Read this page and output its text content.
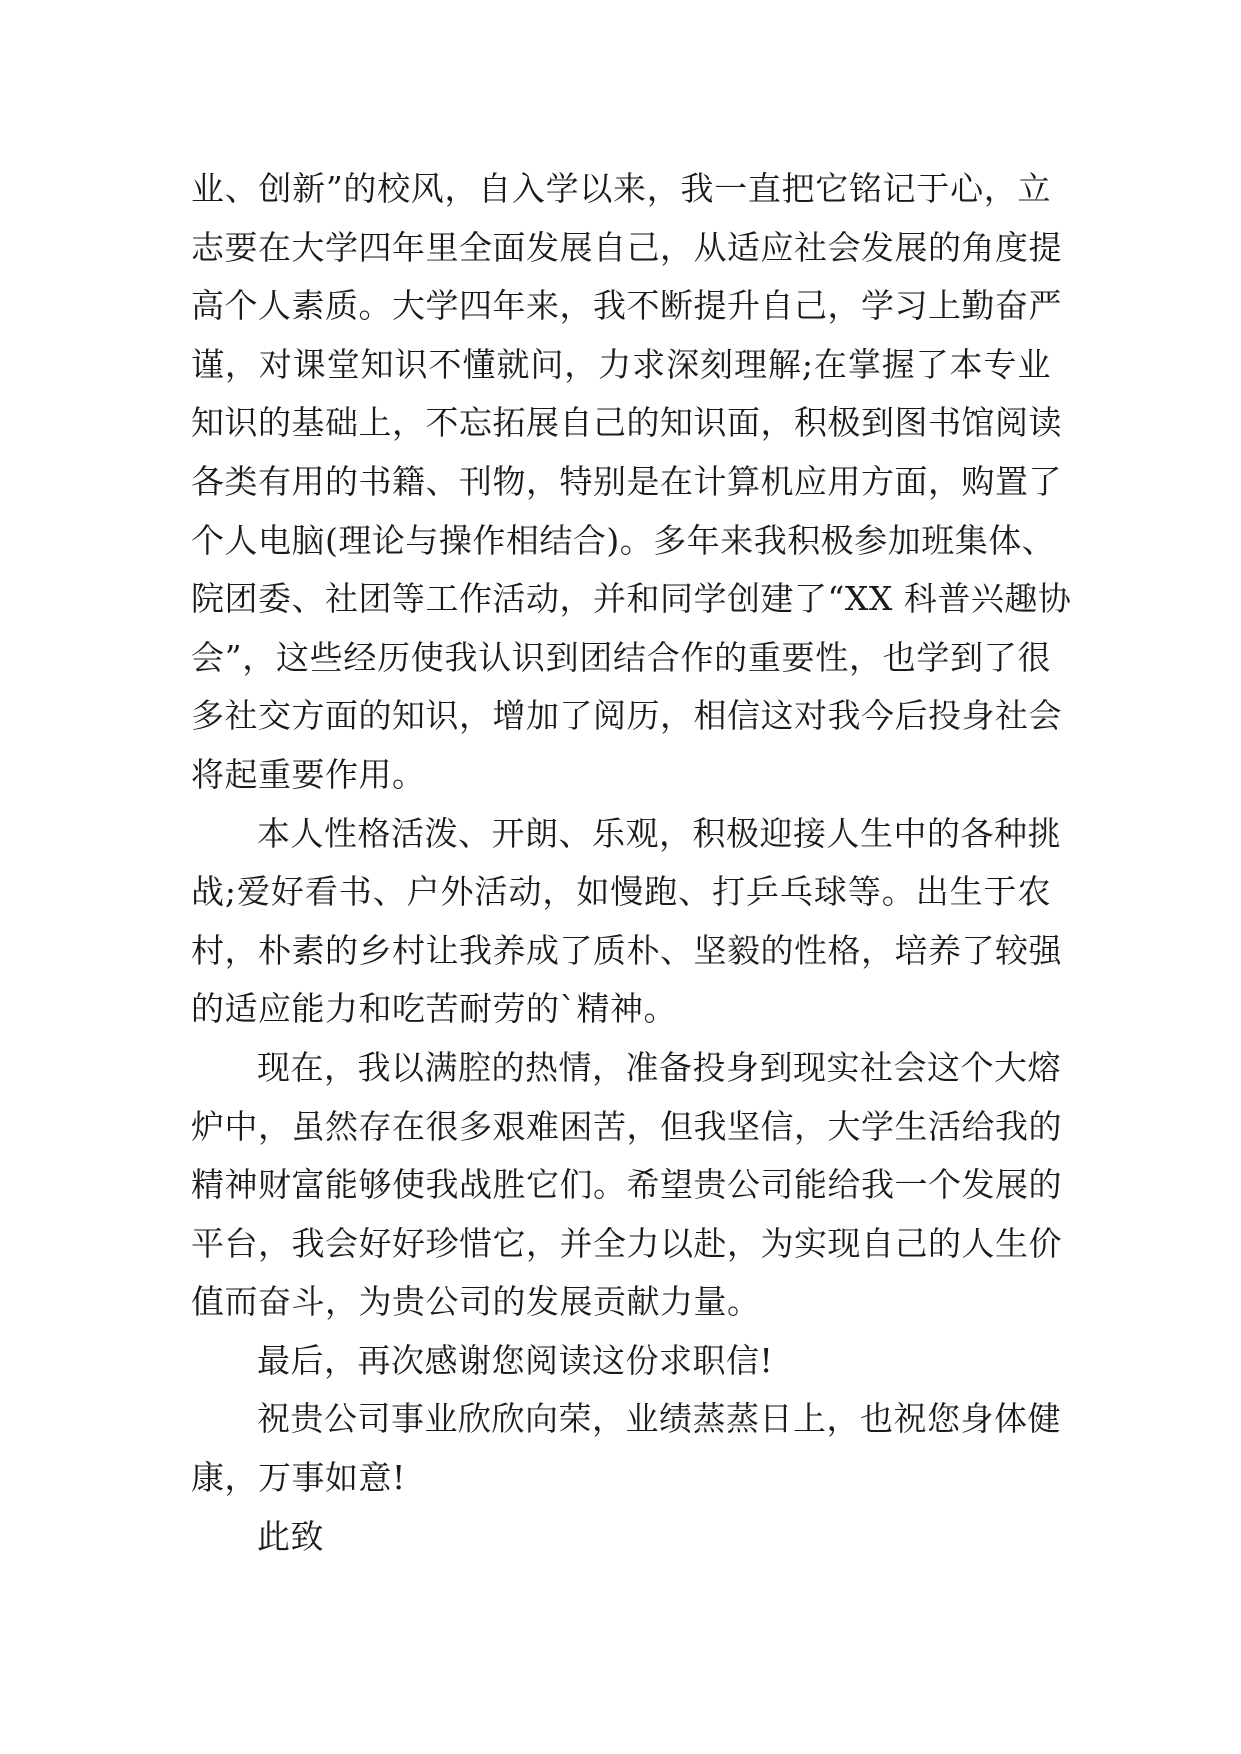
业、创新”的校风，自入学以来，我一直把它铭记于心，立
志要在大学四年里全面发展自己，从适应社会发展的角度提
高个人素质。大学四年来，我不断提升自己，学习上勤奋严
谨，对课堂知识不懂就问，力求深刻理解;在掌握了本专业
知识的基础上，不忘拓展自己的知识面，积极到图书馆阅读
各类有用的书籍、刊物，特别是在计算机应用方面，购置了
个人电脑(理论与操作相结合)。多年来我积极参加班集体、
院团委、社团等工作活动，并和同学创建了“XX 科普兴趣协
会”，这些经历使我认识到团结合作的重要性，也学到了很
多社交方面的知识，增加了阅历，相信这对我今后投身社会
将起重要作用。
本人性格活泼、开朗、乐观，积极迎接人生中的各种挑
战;爱好看书、户外活动，如慢跑、打乒乓球等。出生于农
村，朴素的乡村让我养成了质朴、坚毅的性格，培养了较强
的适应能力和吃苦耐劳的`精神。
现在，我以满腔的热情，准备投身到现实社会这个大熔
炉中，虽然存在很多艰难困苦，但我坚信，大学生活给我的
精神财富能够使我战胜它们。希望贵公司能给我一个发展的
平台，我会好好珍惜它，并全力以赴，为实现自己的人生价
值而奋斗，为贵公司的发展贡献力量。
最后，再次感谢您阅读这份求职信!
祝贵公司事业欣欣向荣，业绩蒸蒸日上，也祝您身体健
康，万事如意!
此致
